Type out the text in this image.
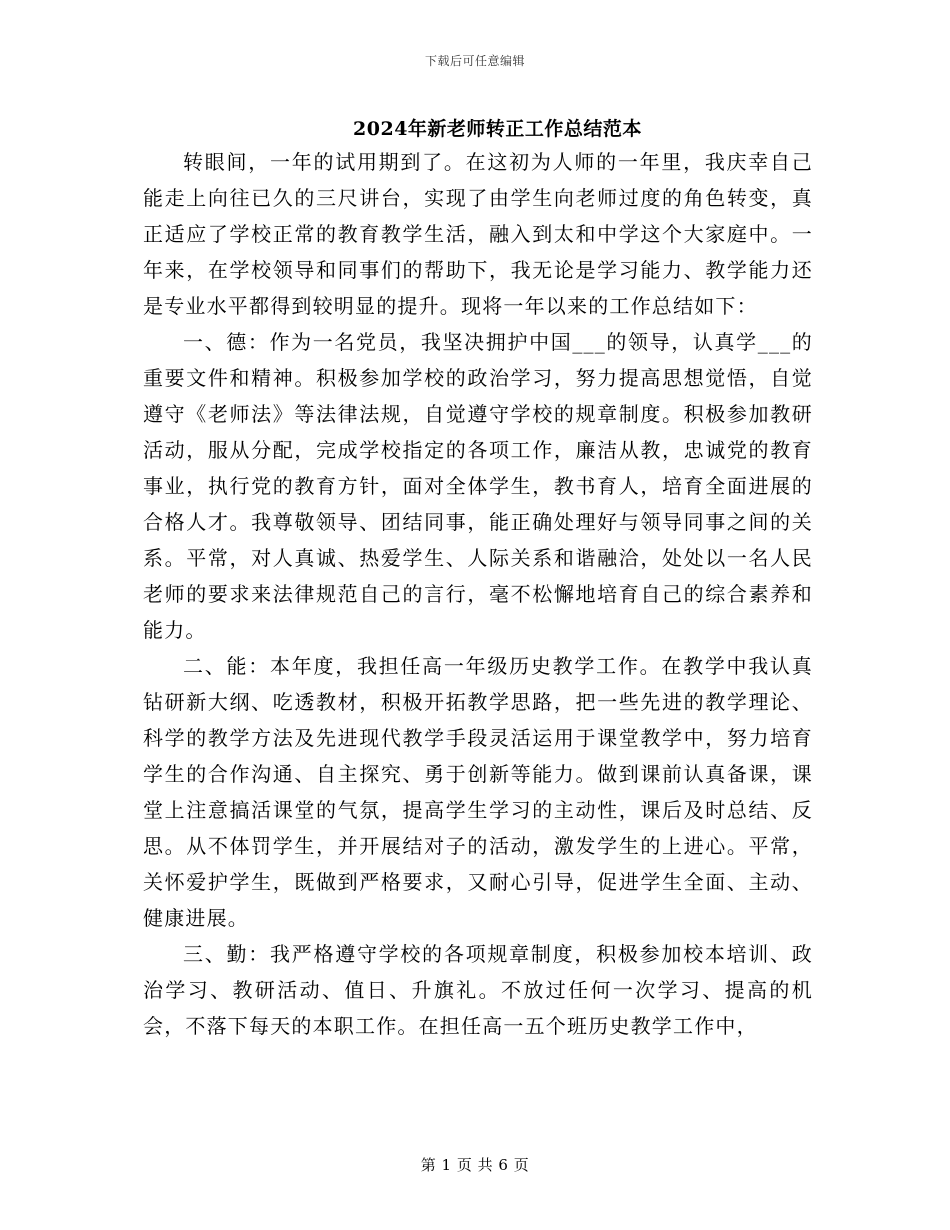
下载后可任意编辑
2024年新老师转正工作总结范本

转眼间，一年的试用期到了。在这初为人师的一年里，我庆幸自己能走上向往已久的三尺讲台，实现了由学生向老师过度的角色转变，真正适应了学校正常的教育教学生活，融入到太和中学这个大家庭中。一年来，在学校领导和同事们的帮助下，我无论是学习能力、教学能力还是专业水平都得到较明显的提升。现将一年以来的工作总结如下：

一、德：作为一名党员，我坚决拥护中国___的领导，认真学___的重要文件和精神。积极参加学校的政治学习，努力提高思想觉悟，自觉遵守《老师法》等法律法规，自觉遵守学校的规章制度。积极参加教研活动，服从分配，完成学校指定的各项工作，廉洁从教，忠诚党的教育事业，执行党的教育方针，面对全体学生，教书育人，培育全面进展的合格人才。我尊敬领导、团结同事，能正确处理好与领导同事之间的关系。平常，对人真诚、热爱学生、人际关系和谐融洽，处处以一名人民老师的要求来法律规范自己的言行，毫不松懈地培育自己的综合素养和能力。

二、能：本年度，我担任高一年级历史教学工作。在教学中我认真钻研新大纲、吃透教材，积极开拓教学思路，把一些先进的教学理论、科学的教学方法及先进现代教学手段灵活运用于课堂教学中，努力培育学生的合作沟通、自主探究、勇于创新等能力。做到课前认真备课，课堂上注意搞活课堂的气氛，提高学生学习的主动性，课后及时总结、反思。从不体罚学生，并开展结对子的活动，激发学生的上进心。平常，关怀爱护学生，既做到严格要求，又耐心引导，促进学生全面、主动、健康进展。

三、勤：我严格遵守学校的各项规章制度，积极参加校本培训、政治学习、教研活动、值日、升旗礼。不放过任何一次学习、提高的机会，不落下每天的本职工作。在担任高一五个班历史教学工作中，

第 1 页 共 6 页
